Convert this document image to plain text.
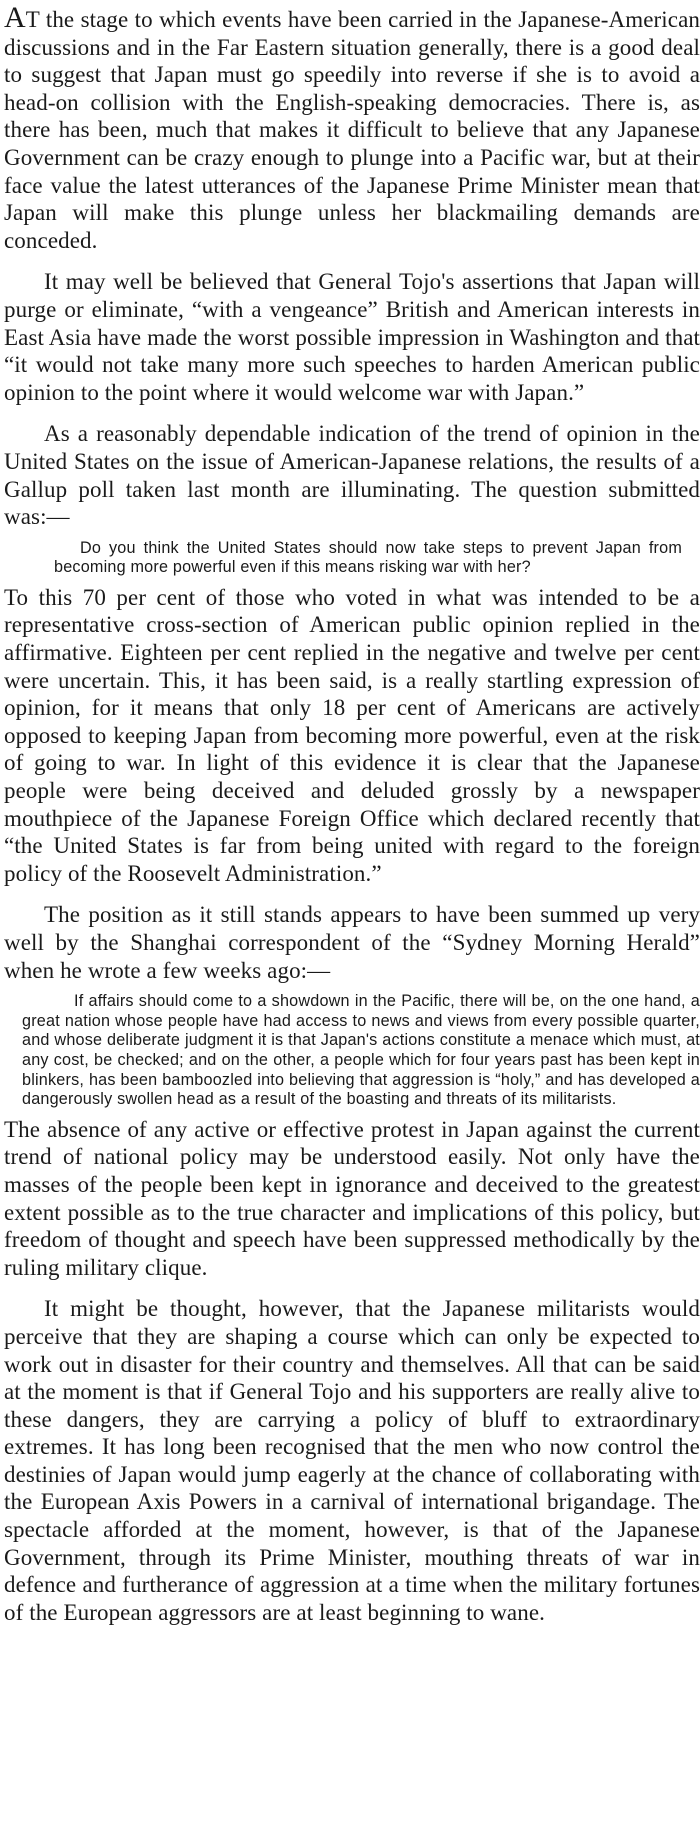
AT the stage to which events have been carried in the Japanese-American discussions and in the Far Eastern situation generally, there is a good deal to suggest that Japan must go speedily into reverse if she is to avoid a head-on collision with the English-speaking democracies. There is, as there has been, much that makes it difficult to believe that any Japanese Government can be crazy enough to plunge into a Pacific war, but at their face value the latest utterances of the Japanese Prime Minister mean that Japan will make this plunge unless her blackmailing demands are conceded.

It may well be believed that General Tojo's assertions that Japan will purge or eliminate, “with a vengeance” British and American interests in East Asia have made the worst possible impression in Washington and that “it would not take many more such speeches to harden American public opinion to the point where it would welcome war with Japan.”

As a reasonably dependable indication of the trend of opinion in the United States on the issue of American-Japanese relations, the results of a Gallup poll taken last month are illuminating. The question submitted was:—

Do you think the United States should now take steps to prevent Japan from becoming more powerful even if this means risking war with her?

To this 70 per cent of those who voted in what was intended to be a representative cross-section of American public opinion replied in the affirmative. Eighteen per cent replied in the negative and twelve per cent were uncertain. This, it has been said, is a really startling expression of opinion, for it means that only 18 per cent of Americans are actively opposed to keeping Japan from becoming more powerful, even at the risk of going to war. In light of this evidence it is clear that the Japanese people were being deceived and deluded grossly by a newspaper mouthpiece of the Japanese Foreign Office which declared recently that “the United States is far from being united with regard to the foreign policy of the Roosevelt Administration.”

The position as it still stands appears to have been summed up very well by the Shanghai correspondent of the “Sydney Morning Herald” when he wrote a few weeks ago:—

If affairs should come to a showdown in the Pacific, there will be, on the one hand, a great nation whose people have had access to news and views from every possible quarter, and whose deliberate judgment it is that Japan's actions constitute a menace which must, at any cost, be checked; and on the other, a people which for four years past has been kept in blinkers, has been bamboozled into believing that aggression is “holy,” and has developed a dangerously swollen head as a result of the boasting and threats of its militarists.

The absence of any active or effective protest in Japan against the current trend of national policy may be understood easily. Not only have the masses of the people been kept in ignorance and deceived to the greatest extent possible as to the true character and implications of this policy, but freedom of thought and speech have been suppressed methodically by the ruling military clique.

It might be thought, however, that the Japanese militarists would perceive that they are shaping a course which can only be expected to work out in disaster for their country and themselves. All that can be said at the moment is that if General Tojo and his supporters are really alive to these dangers, they are carrying a policy of bluff to extraordinary extremes. It has long been recognised that the men who now control the destinies of Japan would jump eagerly at the chance of collaborating with the European Axis Powers in a carnival of international brigandage. The spectacle afforded at the moment, however, is that of the Japanese Government, through its Prime Minister, mouthing threats of war in defence and furtherance of aggression at a time when the military fortunes of the European aggressors are at least beginning to wane.
